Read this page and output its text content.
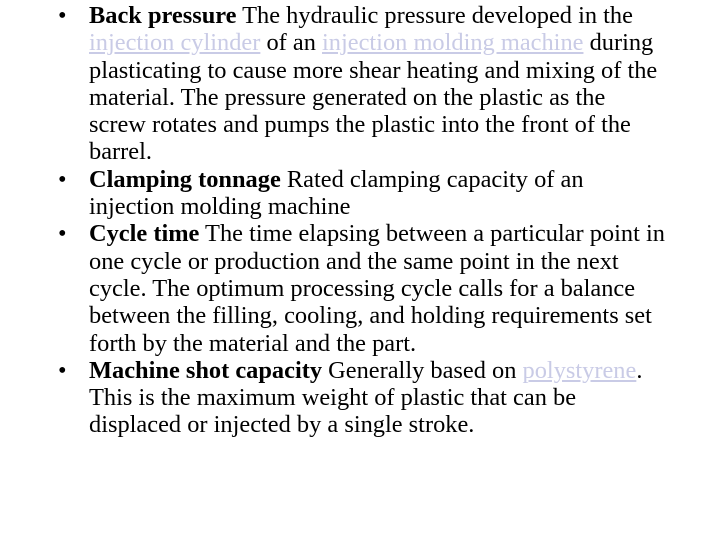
• Back pressure The hydraulic pressure developed in the injection cylinder of an injection molding machine during plasticating to cause more shear heating and mixing of the material. The pressure generated on the plastic as the screw rotates and pumps the plastic into the front of the barrel.
• Clamping tonnage Rated clamping capacity of an injection molding machine
• Cycle time The time elapsing between a particular point in one cycle or production and the same point in the next cycle. The optimum processing cycle calls for a balance between the filling, cooling, and holding requirements set forth by the material and the part.
• Machine shot capacity Generally based on polystyrene. This is the maximum weight of plastic that can be displaced or injected by a single stroke.
